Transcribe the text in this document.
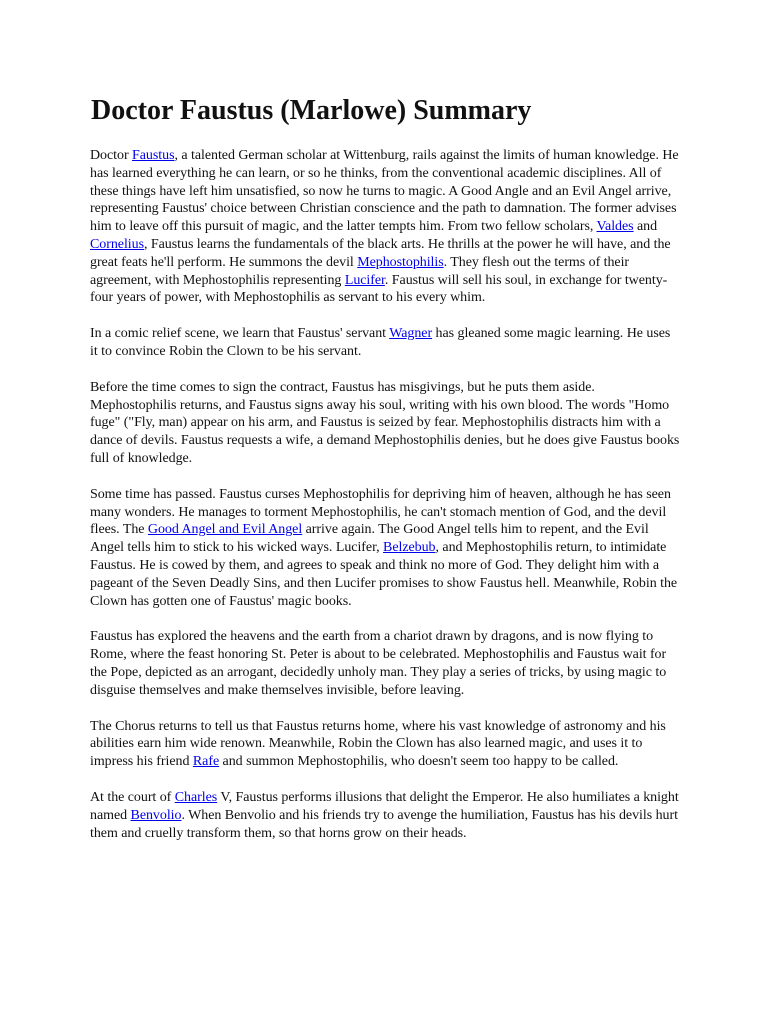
Doctor Faustus (Marlowe) Summary

Doctor Faustus, a talented German scholar at Wittenburg, rails against the limits of human knowledge. He has learned everything he can learn, or so he thinks, from the conventional academic disciplines. All of these things have left him unsatisfied, so now he turns to magic. A Good Angle and an Evil Angel arrive, representing Faustus' choice between Christian conscience and the path to damnation. The former advises him to leave off this pursuit of magic, and the latter tempts him. From two fellow scholars, Valdes and Cornelius, Faustus learns the fundamentals of the black arts. He thrills at the power he will have, and the great feats he'll perform. He summons the devil Mephostophilis. They flesh out the terms of their agreement, with Mephostophilis representing Lucifer. Faustus will sell his soul, in exchange for twenty-four years of power, with Mephostophilis as servant to his every whim.

In a comic relief scene, we learn that Faustus' servant Wagner has gleaned some magic learning. He uses it to convince Robin the Clown to be his servant.

Before the time comes to sign the contract, Faustus has misgivings, but he puts them aside. Mephostophilis returns, and Faustus signs away his soul, writing with his own blood. The words "Homo fuge" ("Fly, man) appear on his arm, and Faustus is seized by fear. Mephostophilis distracts him with a dance of devils. Faustus requests a wife, a demand Mephostophilis denies, but he does give Faustus books full of knowledge.

Some time has passed. Faustus curses Mephostophilis for depriving him of heaven, although he has seen many wonders. He manages to torment Mephostophilis, he can't stomach mention of God, and the devil flees. The Good Angel and Evil Angel arrive again. The Good Angel tells him to repent, and the Evil Angel tells him to stick to his wicked ways. Lucifer, Belzebub, and Mephostophilis return, to intimidate Faustus. He is cowed by them, and agrees to speak and think no more of God. They delight him with a pageant of the Seven Deadly Sins, and then Lucifer promises to show Faustus hell. Meanwhile, Robin the Clown has gotten one of Faustus' magic books.

Faustus has explored the heavens and the earth from a chariot drawn by dragons, and is now flying to Rome, where the feast honoring St. Peter is about to be celebrated. Mephostophilis and Faustus wait for the Pope, depicted as an arrogant, decidedly unholy man. They play a series of tricks, by using magic to disguise themselves and make themselves invisible, before leaving.

The Chorus returns to tell us that Faustus returns home, where his vast knowledge of astronomy and his abilities earn him wide renown. Meanwhile, Robin the Clown has also learned magic, and uses it to impress his friend Rafe and summon Mephostophilis, who doesn't seem too happy to be called.

At the court of Charles V, Faustus performs illusions that delight the Emperor. He also humiliates a knight named Benvolio. When Benvolio and his friends try to avenge the humiliation, Faustus has his devils hurt them and cruelly transform them, so that horns grow on their heads.
